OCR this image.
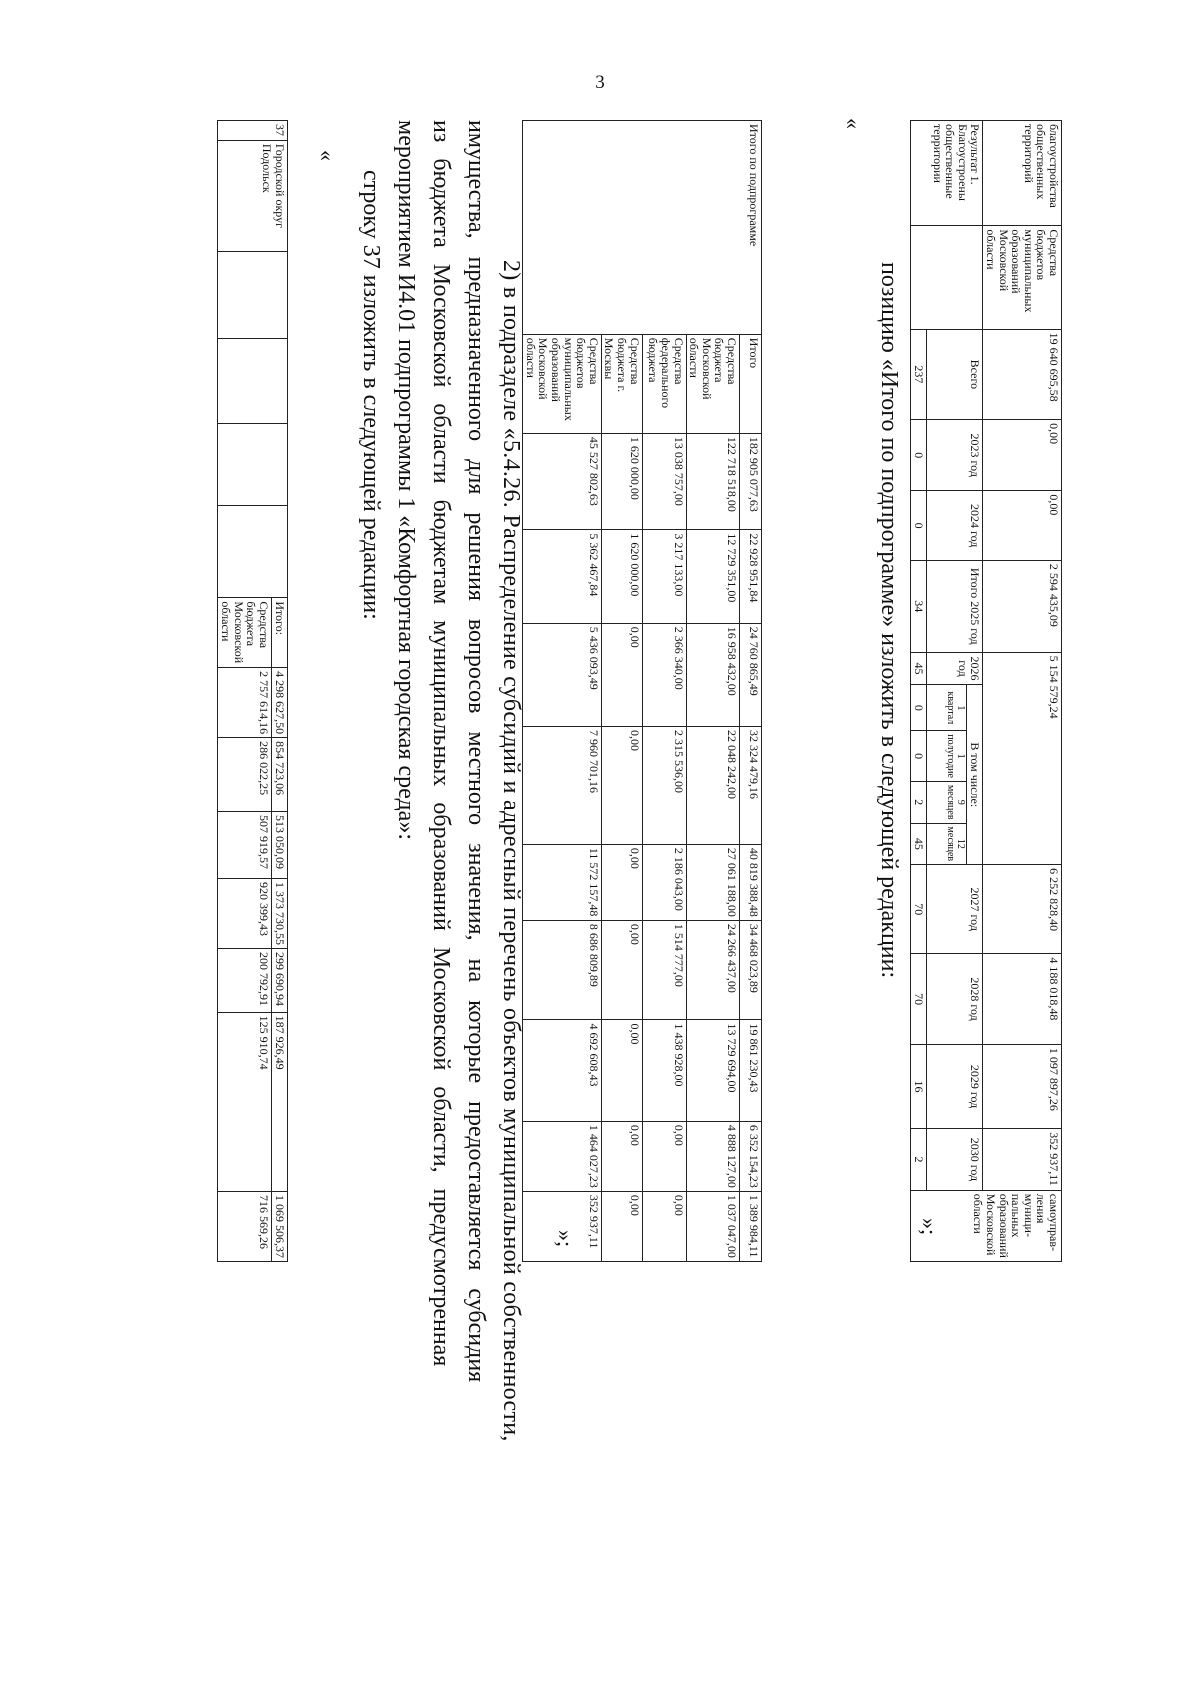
3
благоустройства общественных территорий	Средства бюджетов муниципальных образований Московской области	19 640 695,58	0,00	0,00	2 594 435,09	5 154 579,24					6 252 828,40	4 188 018,48	1 097 897,26	352 937,11	самоуправ-ления муници-пальных образований Московской области
Результат 1. Благоустроены общественные территории		Всего	2023 год	2024 год	Итого 2025 год	2026 год	В том числе:				2027 год	2028 год	2029 год	2030 год	
							1 квартал	1 полугодие	9 месяцев	12 месяцев					
		237	0	0	34	45	0	0	2	45	70	70	16	2	
»;
позицию «Итого по подпрограмме» изложить в следующей редакции:
«
Итого по подпрограмме	Итого	182 905 077,63	22 928 951,84	24 760 865,49	32 324 479,16	40 819 388,48	34 468 023,89	19 861 230,43	6 352 154,23	1 389 984,11
	Средства бюджета Московской области	122 718 518,00	12 729 351,00	16 958 432,00	22 048 242,00	27 061 188,00	24 266 437,00	13 729 694,00	4 888 127,00	1 037 047,00
	Средства федерального бюджета	13 038 757,00	3 217 133,00	2 366 340,00	2 315 536,00	2 186 043,00	1 514 777,00	1 438 928,00	0,00	0,00
	Средства бюджета г. Москвы	1 620 000,00	1 620 000,00	0,00	0,00	0,00	0,00	0,00	0,00	0,00
	Средства бюджетов муниципальных образований Московской области	45 527 802,63	5 362 467,84	5 436 093,49	7 960 701,16	11 572 157,48	8 686 809,89	4 692 608,43	1 464 027,23	352 937,11
»;
2) в подразделе «5.4.26. Распределение субсидий и адресный перечень объектов муниципальной собственности,
имущества, предназначенного для решения вопросов местного значения, на которые предоставляется субсидия
из бюджета Московской области бюджетам муниципальных образований Московской области, предусмотренная
мероприятием И4.01 подпрограммы 1 «Комфортная городская среда»:
строку 37 изложить в следующей редакции:
«
37	Городской округ Подольск					Итого:	4 298 627,50	854 723,06	513 050,09	1 373 730,55	299 690,94	187 926,49	1 069 506,37
						Средства бюджета Московской области	2 757 614,16	286 022,25	507 919,57	920 399,43	200 792,91	125 910,74	716 569,26
